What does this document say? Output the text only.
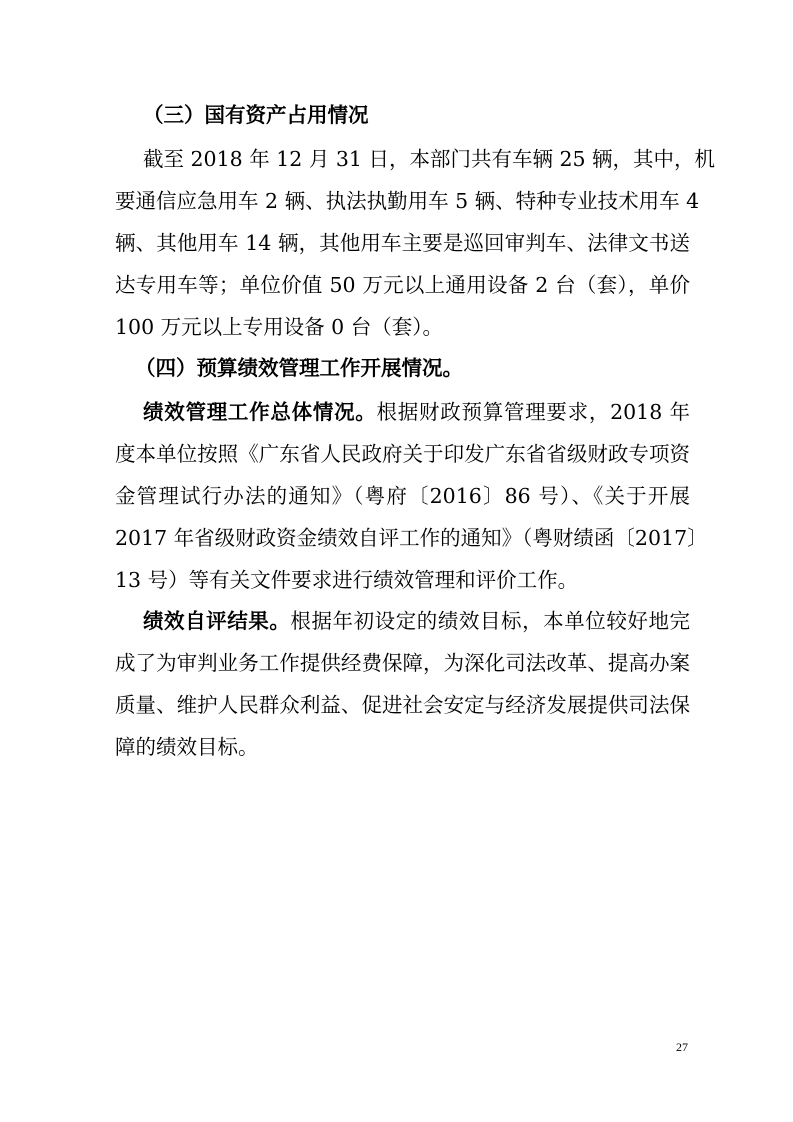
（三）国有资产占用情况
截至 2018 年 12 月 31 日，本部门共有车辆 25 辆，其中，机
要通信应急用车 2 辆、执法执勤用车 5 辆、特种专业技术用车 4
辆、其他用车 14 辆，其他用车主要是巡回审判车、法律文书送
达专用车等；单位价值 50 万元以上通用设备 2 台（套），单价
100 万元以上专用设备 0 台（套）。
（四）预算绩效管理工作开展情况。
绩效管理工作总体情况。根据财政预算管理要求，2018 年
度本单位按照《广东省人民政府关于印发广东省省级财政专项资
金管理试行办法的通知》（粤府〔2016〕86 号）、《关于开展
2017 年省级财政资金绩效自评工作的通知》（粤财绩函〔2017〕
13 号）等有关文件要求进行绩效管理和评价工作。
绩效自评结果。根据年初设定的绩效目标，本单位较好地完
成了为审判业务工作提供经费保障，为深化司法改革、提高办案
质量、维护人民群众利益、促进社会安定与经济发展提供司法保
障的绩效目标。
27
